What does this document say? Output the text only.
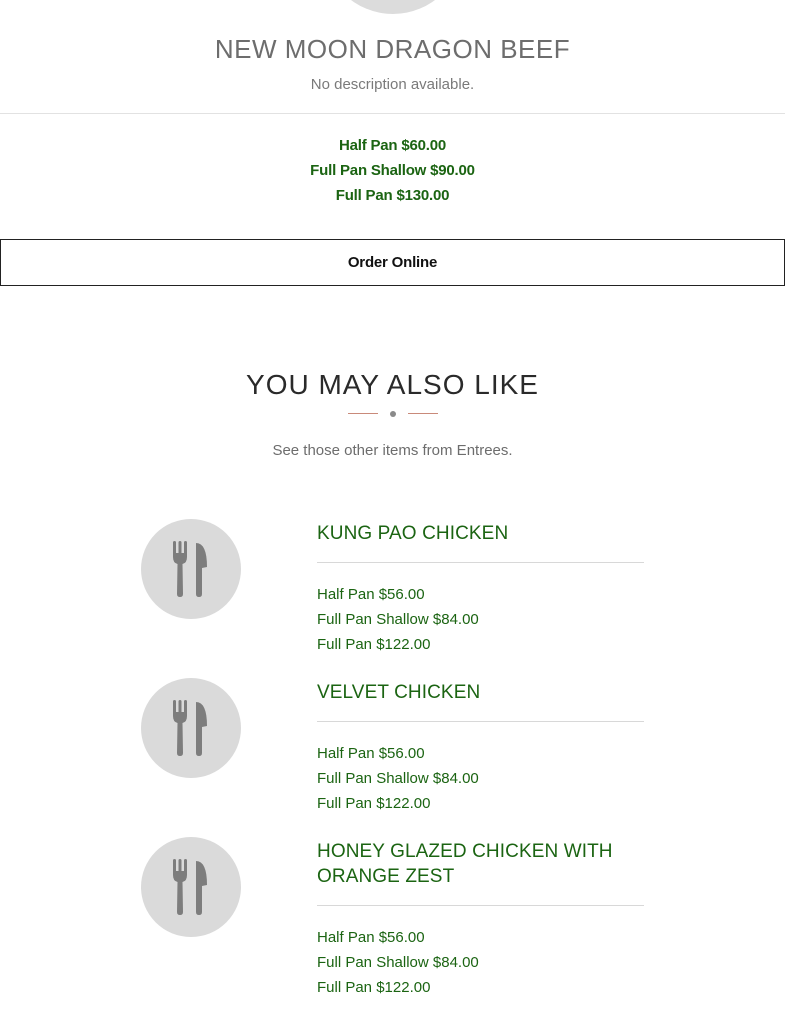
NEW MOON DRAGON BEEF
No description available.
Half Pan $60.00
Full Pan Shallow $90.00
Full Pan $130.00
Order Online
YOU MAY ALSO LIKE
See those other items from Entrees.
KUNG PAO CHICKEN
Half Pan $56.00
Full Pan Shallow $84.00
Full Pan $122.00
VELVET CHICKEN
Half Pan $56.00
Full Pan Shallow $84.00
Full Pan $122.00
HONEY GLAZED CHICKEN WITH ORANGE ZEST
Half Pan $56.00
Full Pan Shallow $84.00
Full Pan $122.00
